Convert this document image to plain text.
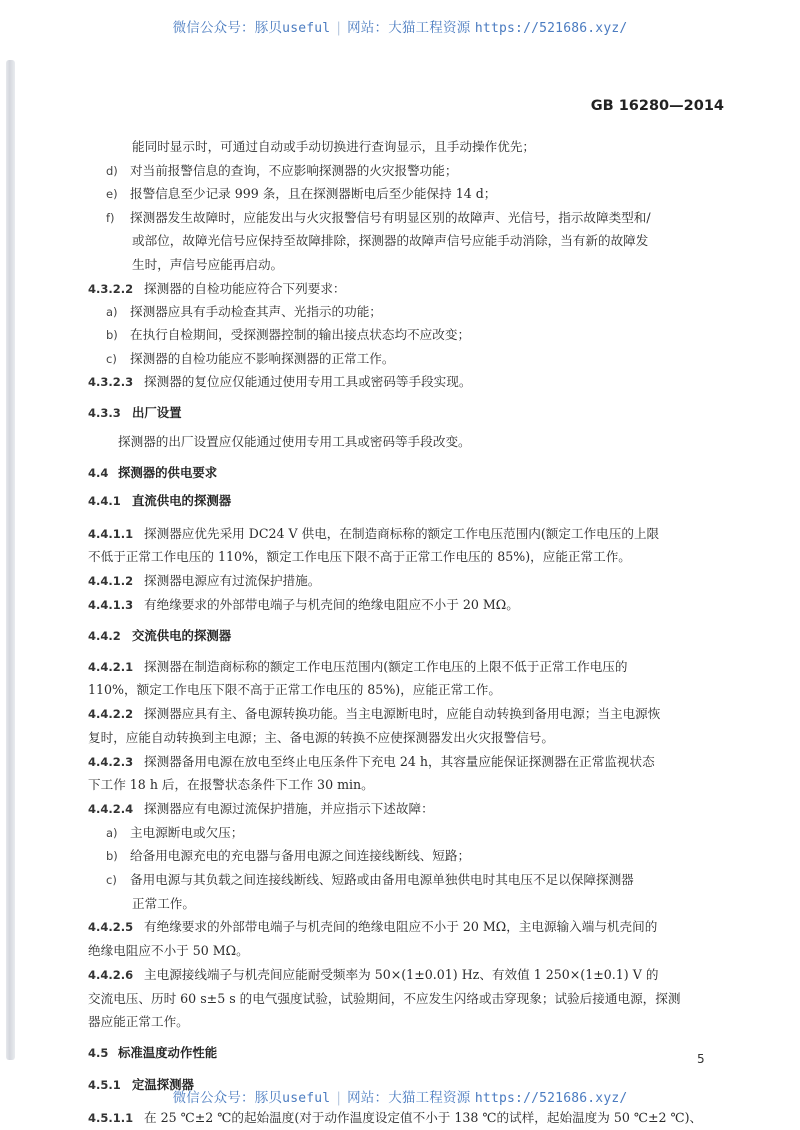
微信公众号：豚贝useful | 网站：大猫工程资源 https://521686.xyz/
GB 16280—2014
能同时显示时，可通过自动或手动切换进行查询显示，且手动操作优先；
d) 对当前报警信息的查询，不应影响探测器的火灾报警功能；
e) 报警信息至少记录 999 条，且在探测器断电后至少能保持 14 d；
f) 探测器发生故障时，应能发出与火灾报警信号有明显区别的故障声、光信号，指示故障类型和/
或部位，故障光信号应保持至故障排除，探测器的故障声信号应能手动消除，当有新的故障发
生时，声信号应能再启动。
4.3.2.2 探测器的自检功能应符合下列要求：
a) 探测器应具有手动检查其声、光指示的功能；
b) 在执行自检期间，受探测器控制的输出接点状态均不应改变；
c) 探测器的自检功能应不影响探测器的正常工作。
4.3.2.3 探测器的复位应仅能通过使用专用工具或密码等手段实现。
4.3.3 出厂设置
探测器的出厂设置应仅能通过使用专用工具或密码等手段改变。
4.4 探测器的供电要求
4.4.1 直流供电的探测器
4.4.1.1 探测器应优先采用 DC24 V 供电，在制造商标称的额定工作电压范围内(额定工作电压的上限
不低于正常工作电压的 110%，额定工作电压下限不高于正常工作电压的 85%)，应能正常工作。
4.4.1.2 探测器电源应有过流保护措施。
4.4.1.3 有绝缘要求的外部带电端子与机壳间的绝缘电阻应不小于 20 MΩ。
4.4.2 交流供电的探测器
4.4.2.1 探测器在制造商标称的额定工作电压范围内(额定工作电压的上限不低于正常工作电压的
110%，额定工作电压下限不高于正常工作电压的 85%)，应能正常工作。
4.4.2.2 探测器应具有主、备电源转换功能。当主电源断电时，应能自动转换到备用电源；当主电源恢
复时，应能自动转换到主电源；主、备电源的转换不应使探测器发出火灾报警信号。
4.4.2.3 探测器备用电源在放电至终止电压条件下充电 24 h，其容量应能保证探测器在正常监视状态
下工作 18 h 后，在报警状态条件下工作 30 min。
4.4.2.4 探测器应有电源过流保护措施，并应指示下述故障：
a) 主电源断电或欠压；
b) 给备用电源充电的充电器与备用电源之间连接线断线、短路；
c) 备用电源与其负载之间连接线断线、短路或由备用电源单独供电时其电压不足以保障探测器
正常工作。
4.4.2.5 有绝缘要求的外部带电端子与机壳间的绝缘电阻应不小于 20 MΩ，主电源输入端与机壳间的
绝缘电阻应不小于 50 MΩ。
4.4.2.6 主电源接线端子与机壳间应能耐受频率为 50×(1±0.01) Hz、有效值 1 250×(1±0.1) V 的
交流电压、历时 60 s±5 s 的电气强度试验，试验期间，不应发生闪络或击穿现象；试验后接通电源，探测
器应能正常工作。
4.5 标准温度动作性能
4.5.1 定温探测器
4.5.1.1 在 25 ℃±2 ℃的起始温度(对于动作温度设定值不小于 138 ℃的试样，起始温度为 50 ℃±2 ℃)、
5
微信公众号：豚贝useful | 网站：大猫工程资源 https://521686.xyz/
